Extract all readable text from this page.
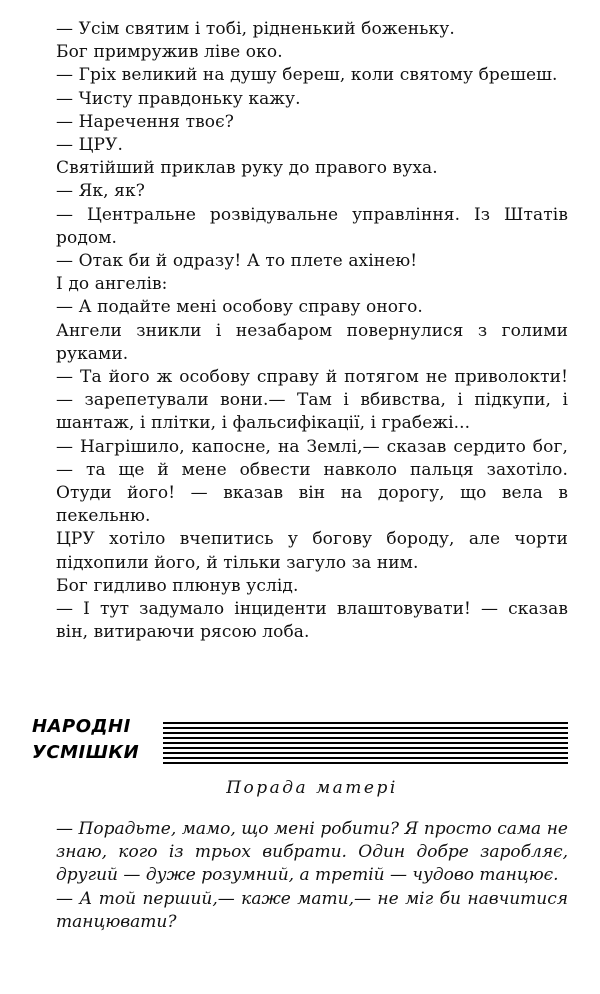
— Усім святим і тобі, рідненький боженьку.

Бог примружив ліве око.

— Гріх великий на душу береш, коли святому брешеш.

— Чисту правдоньку кажу.

— Наречення твоє?

— ЦРУ.

Святійший приклав руку до правого вуха.

— Як, як?

— Центральне розвідувальне управління. Із Штатів родом.

— Отак би й одразу! А то плете ахінею!

І до ангелів:

— А подайте мені особову справу оного.

Ангели зникли і незабаром повернулися з голими руками.

— Та його ж особову справу й потягом не приволокти! — зарепетували вони.— Там і вбивства, і підкупи, і шантаж, і плітки, і фальсифікації, і грабежі...

— Нагрішило, капосне, на Землі,— сказав сердито бог,— та ще й мене обвести навколо пальця захотіло. Отуди його! — вказав він на дорогу, що вела в пекельню.

ЦРУ хотіло вчепитись у богову бороду, але чорти підхопили його, й тільки загуло за ним.

Бог гидливо плюнув услід.

— І тут задумало інциденти влаштовувати! — сказав він, витираючи рясою лоба.

НАРОДНІ
УСМІШКИ
Порада матері

— Порадьте, мамо, що мені робити? Я просто сама не знаю, кого із трьох вибрати. Один добре заробляє, другий — дуже розумний, а третій — чудово танцює.

— А той перший,— каже мати,— не міг би навчитися танцювати?
